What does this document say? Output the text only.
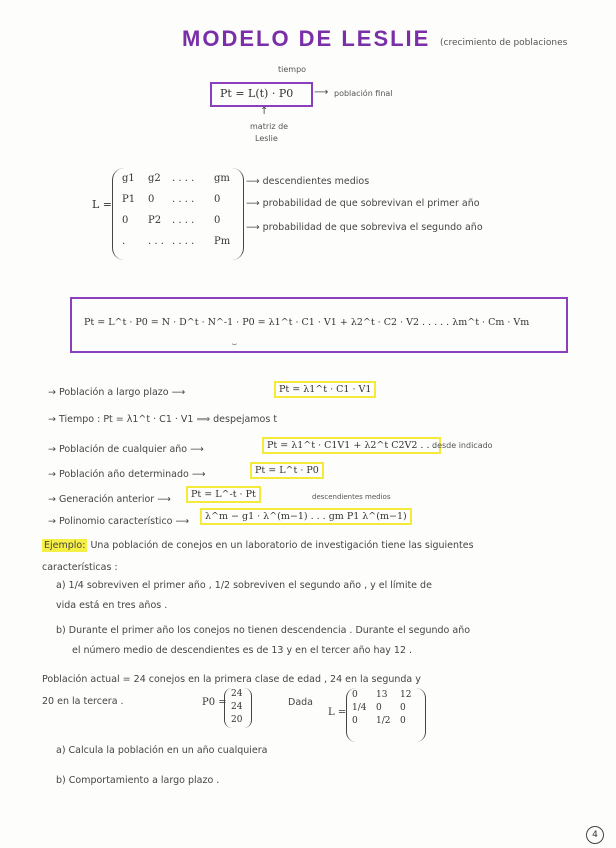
MODELO DE LESLIE (crecimiento de poblaciones
Pt = L(t) · P0
tiempo
⟶ población final
↑
matriz de
Leslie
L =
g1	g2	. . . .	gm
P1	0	. . . .	0
0	P2	. . . .	0
.	. . . . . . .	Pm
⟶ descendientes medios
⟶ probabilidad de que sobrevivan el primer año
⟶ probabilidad de que sobreviva el segundo año
Pt = L^t · P0 = N · D^t · N^-1 · P0 = λ1^t · C1 · V1 + λ2^t · C2 · V2 . . . . . λm^t · Cm · Vm
⏟
→ Población a largo plazo ⟶	Pt = λ1^t · C1 · V1
→ Tiempo : Pt = λ1^t · C1 · V1 ⟹ despejamos t
→ Población de cualquier año ⟶	Pt = λ1^t · C1V1 + λ2^t C2V2 . . .
desde indicado
→ Población año determinado ⟶	Pt = L^t · P0
→ Generación anterior ⟶	Pt = L^-t · Pt
→ Polinomio característico ⟶	λ^m − g1 · λ^(m−1) . . . gm P1 λ^(m−1)
descendientes medios
Ejemplo: Una población de conejos en un laboratorio de investigación tiene las siguientes
características :
a) 1/4 sobreviven el primer año , 1/2 sobreviven el segundo año , y el límite de
vida está en tres años .
b) Durante el primer año los conejos no tienen descendencia . Durante el segundo año
el número medio de descendientes es de 13 y en el tercer año hay 12 .
Población actual = 24 conejos en la primera clase de edad , 24 en la segunda y
20 en la tercera .	P0 =
24
24
20
Dada
L =
0	13	12
1/4	0	0
0	1/2	0
a) Calcula la población en un año cualquiera
b) Comportamiento a largo plazo .
4
